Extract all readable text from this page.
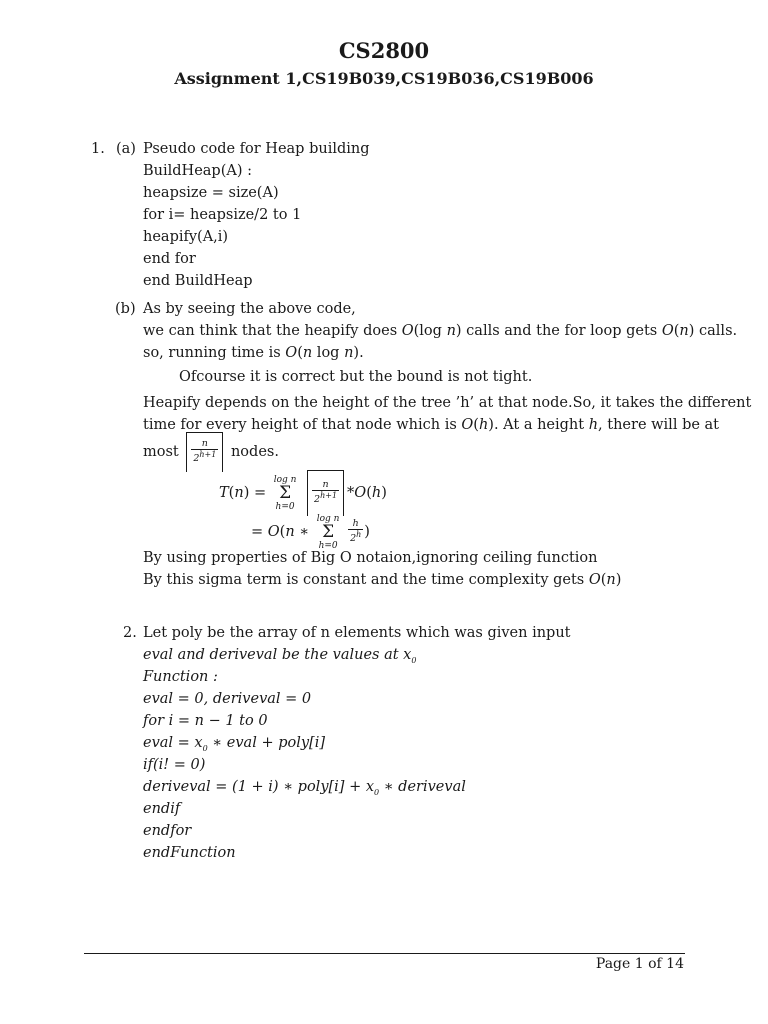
CS2800
Assignment 1,CS19B039,CS19B036,CS19B006
1. (a) Pseudo code for Heap building
BuildHeap(A) :
heapsize = size(A)
for i= heapsize/2 to 1
heapify(A,i)
end for
end BuildHeap
(b) As by seeing the above code,
we can think that the heapify does O(log n) calls and the for loop gets O(n) calls.
so, running time is O(n log n).
Ofcourse it is correct but the bound is not tight.
Heapify depends on the height of the tree ’h’ at that node.So, it takes the different
time for every height of that node which is O(h). At a height h, there will be at
most $\frac{n}{2^{h+1}}$ nodes.
T(n) =
log n
Σ
h=0

$\frac{n}{2^{h+1}} *O(h)$
= O(n ∗
log n
Σ
h=0

$\frac{h}{2^h}$ )
By using properties of Big O notaion,ignoring ceiling function
By this sigma term is constant and the time complexity gets O(n)
2. Let poly be the array of n elements which was given input
eval and deriveval be the values at $x_0$
Function :
eval = 0, deriveval = 0
for i = n − 1 to 0
eval = $x_0$ ∗ eval + poly[i]
if(i! = 0)
deriveval = (1 + i) ∗ poly[i] + $x_0$ ∗ deriveval
endif
endfor
endFunction
Page 1 of 14
